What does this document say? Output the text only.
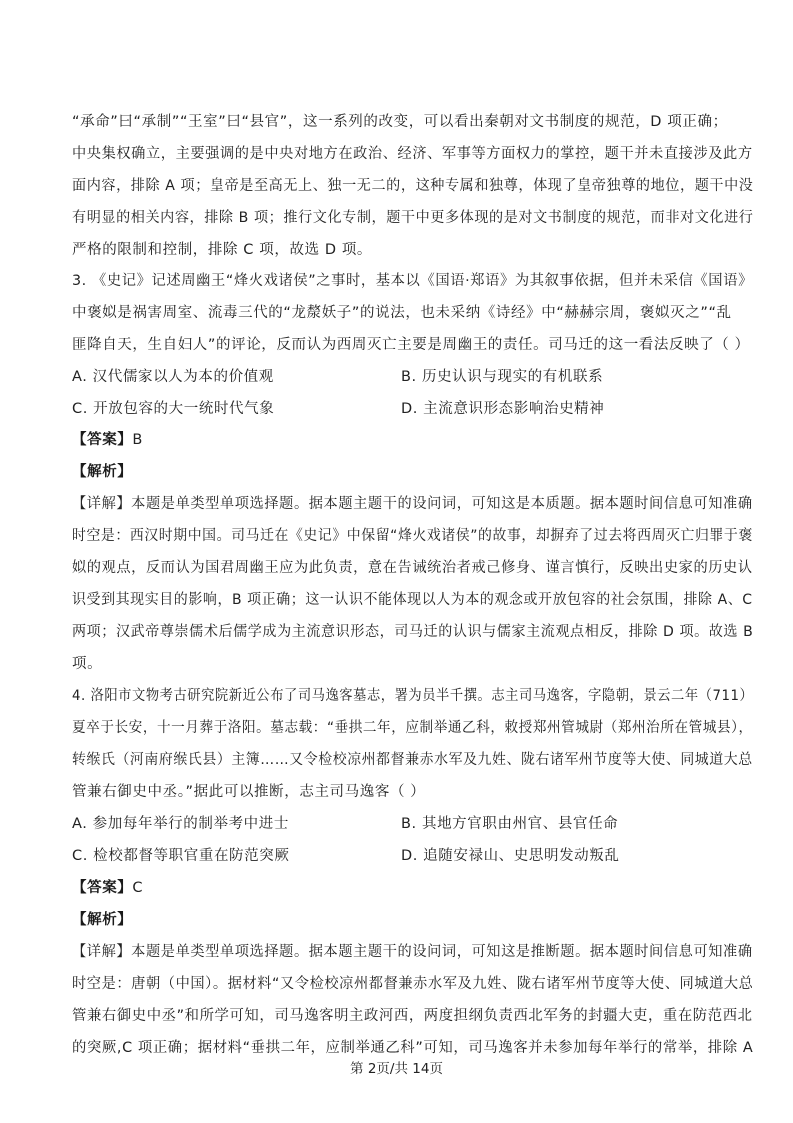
“承命”曰“承制”“王室”曰“县官”，这一系列的改变，可以看出秦朝对文书制度的规范，D 项正确；
中央集权确立，主要强调的是中央对地方在政治、经济、军事等方面权力的掌控，题干并未直接涉及此方
面内容，排除 A 项；皇帝是至高无上、独一无二的，这种专属和独尊，体现了皇帝独尊的地位，题干中没
有明显的相关内容，排除 B 项；推行文化专制，题干中更多体现的是对文书制度的规范，而非对文化进行
严格的限制和控制，排除 C 项，故选 D 项。
3. 《史记》记述周幽王“烽火戏诸侯”之事时，基本以《国语·郑语》为其叙事依据，但并未采信《国语》
中褒姒是祸害周室、流毒三代的“龙漦妖子”的说法，也未采纳《诗经》中“赫赫宗周，褒姒灭之”“乱
匪降自天，生自妇人”的评论，反而认为西周灭亡主要是周幽王的责任。司马迁的这一看法反映了（ ）
A. 汉代儒家以人为本的价值观	B. 历史认识与现实的有机联系
C. 开放包容的大一统时代气象	D. 主流意识形态影响治史精神
【答案】B
【解析】
【详解】本题是单类型单项选择题。据本题主题干的设问词，可知这是本质题。据本题时间信息可知准确
时空是：西汉时期中国。司马迁在《史记》中保留“烽火戏诸侯”的故事，却摒弃了过去将西周灭亡归罪于褒
姒的观点，反而认为国君周幽王应为此负责，意在告诫统治者戒己修身、谨言慎行，反映出史家的历史认
识受到其现实目的影响，B 项正确；这一认识不能体现以人为本的观念或开放包容的社会氛围，排除 A、C
两项；汉武帝尊崇儒术后儒学成为主流意识形态，司马迁的认识与儒家主流观点相反，排除 D 项。故选 B
项。
4. 洛阳市文物考古研究院新近公布了司马逸客墓志，署为员半千撰。志主司马逸客，字隐朝，景云二年（711）
夏卒于长安，十一月葬于洛阳。墓志载：“垂拱二年，应制举通乙科，敕授郑州管城尉（郑州治所在管城县），
转缑氏（河南府缑氏县）主簿……又令检校凉州都督兼赤水军及九姓、陇右诸军州节度等大使、同城道大总
管兼右御史中丞。”据此可以推断，志主司马逸客（ ）
A. 参加每年举行的制举考中进士	B. 其地方官职由州官、县官任命
C. 检校都督等职官重在防范突厥	D. 追随安禄山、史思明发动叛乱
【答案】C
【解析】
【详解】本题是单类型单项选择题。据本题主题干的设问词，可知这是推断题。据本题时间信息可知准确
时空是：唐朝（中国）。据材料“又令检校凉州都督兼赤水军及九姓、陇右诸军州节度等大使、同城道大总
管兼右御史中丞”和所学可知，司马逸客明主政河西，两度担纲负责西北军务的封疆大吏，重在防范西北
的突厥,C 项正确；据材料“垂拱二年，应制举通乙科”可知，司马逸客并未参加每年举行的常举，排除 A
第 2页/共 14页
